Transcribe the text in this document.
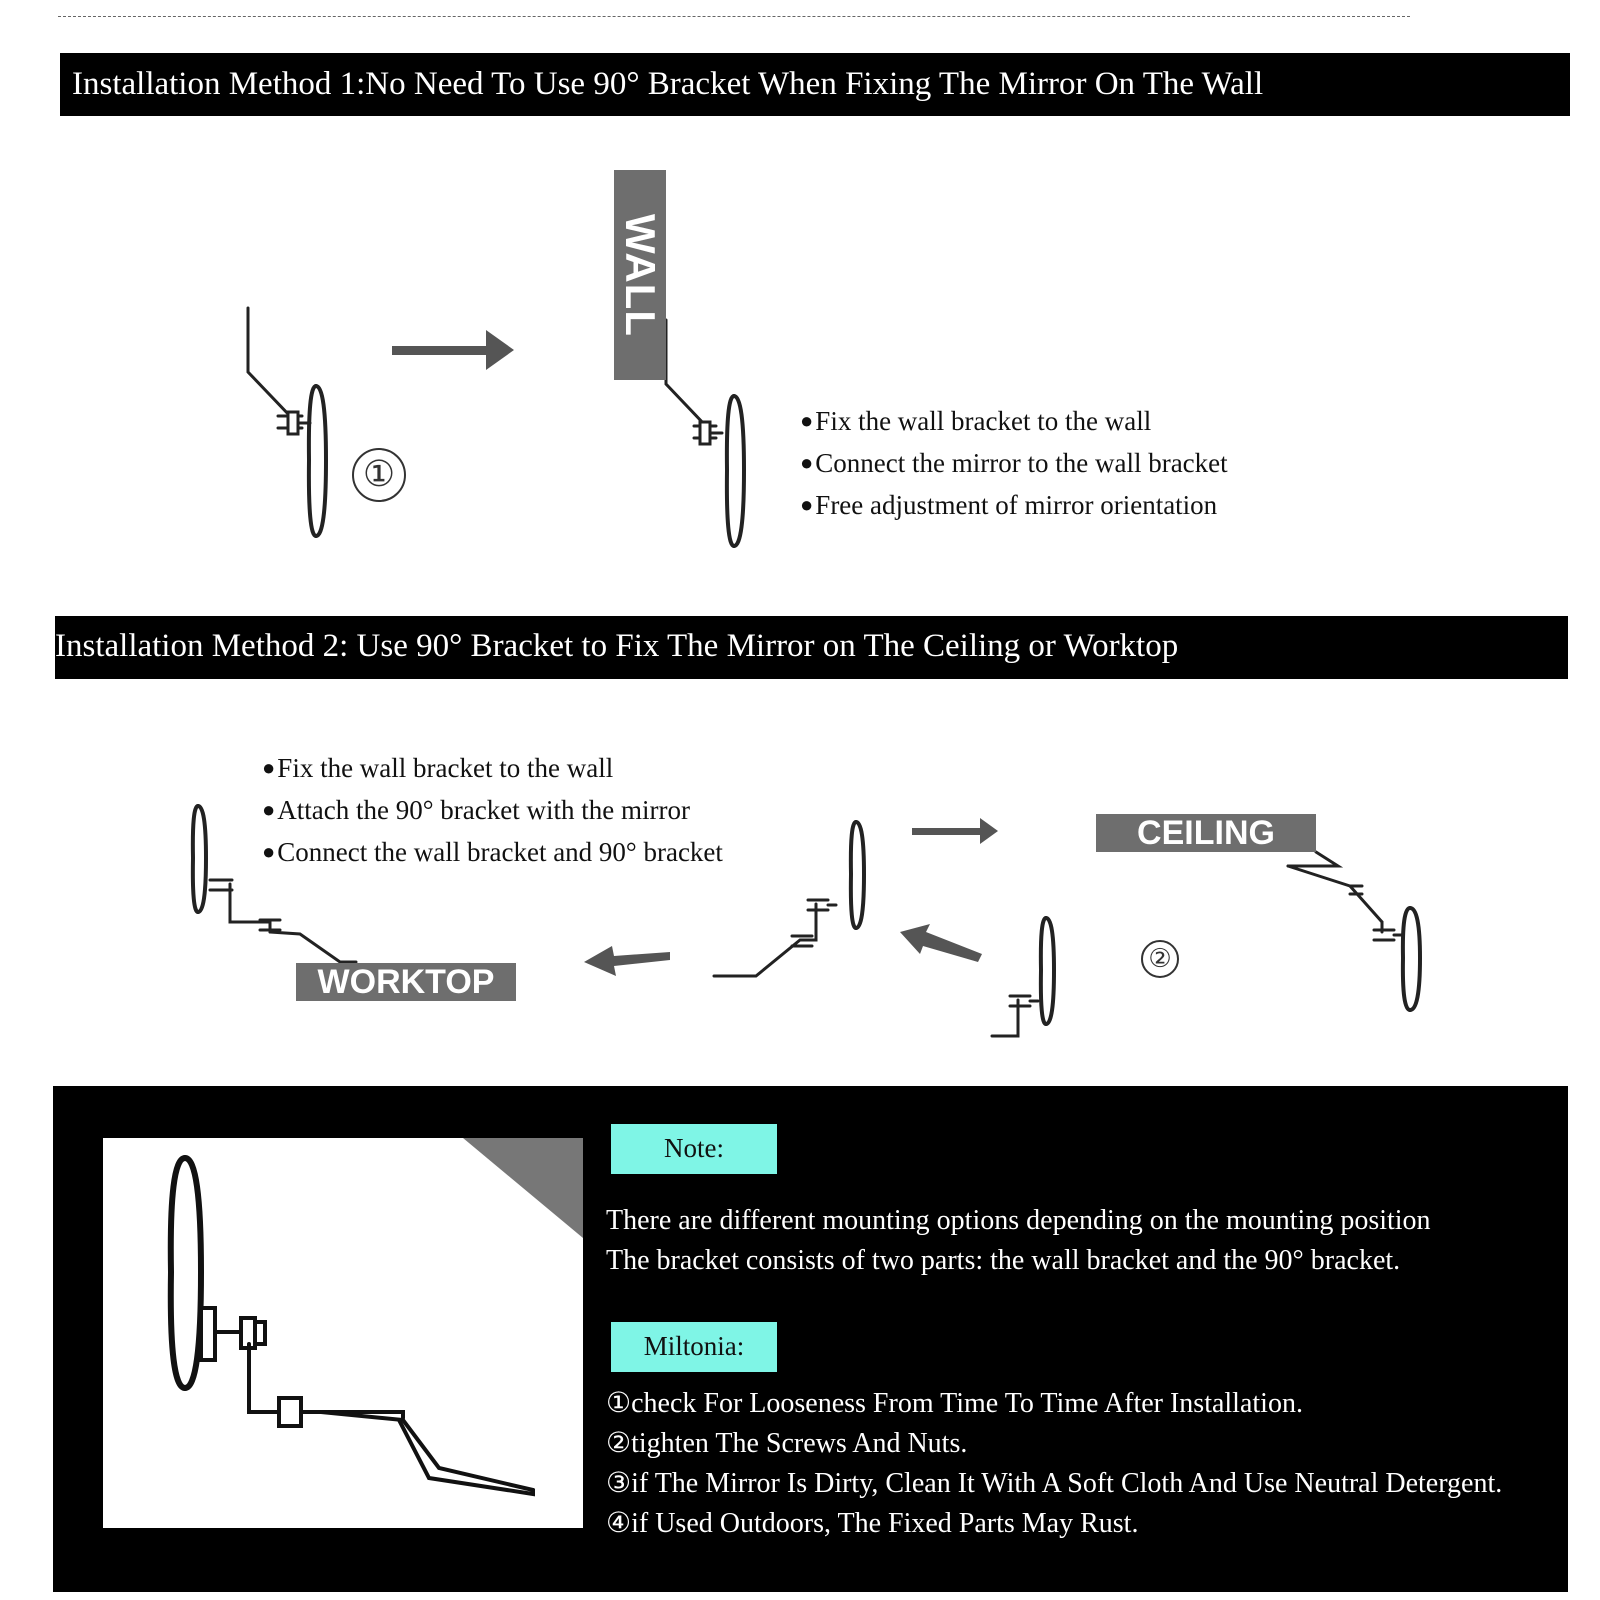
Installation Method 1:No Need To Use 90° Bracket When Fixing The Mirror On The Wall
WALL
①
● Fix the wall bracket to the wall
● Connect the mirror to the wall bracket
● Free adjustment of mirror orientation
Installation Method 2: Use 90° Bracket to Fix The Mirror on The Ceiling or Worktop
● Fix the wall bracket to the wall
● Attach the 90° bracket with the mirror
● Connect the wall bracket and 90° bracket	CEILING
WORKTOP
②
Note:
There are different mounting options depending on the mounting position
The bracket consists of two parts: the wall bracket and the 90° bracket.
Miltonia:
①check For Looseness From Time To Time After Installation.
②tighten The Screws And Nuts.
③if The Mirror Is Dirty, Clean It With A Soft Cloth And Use Neutral Detergent.
④if Used Outdoors, The Fixed Parts May Rust.
